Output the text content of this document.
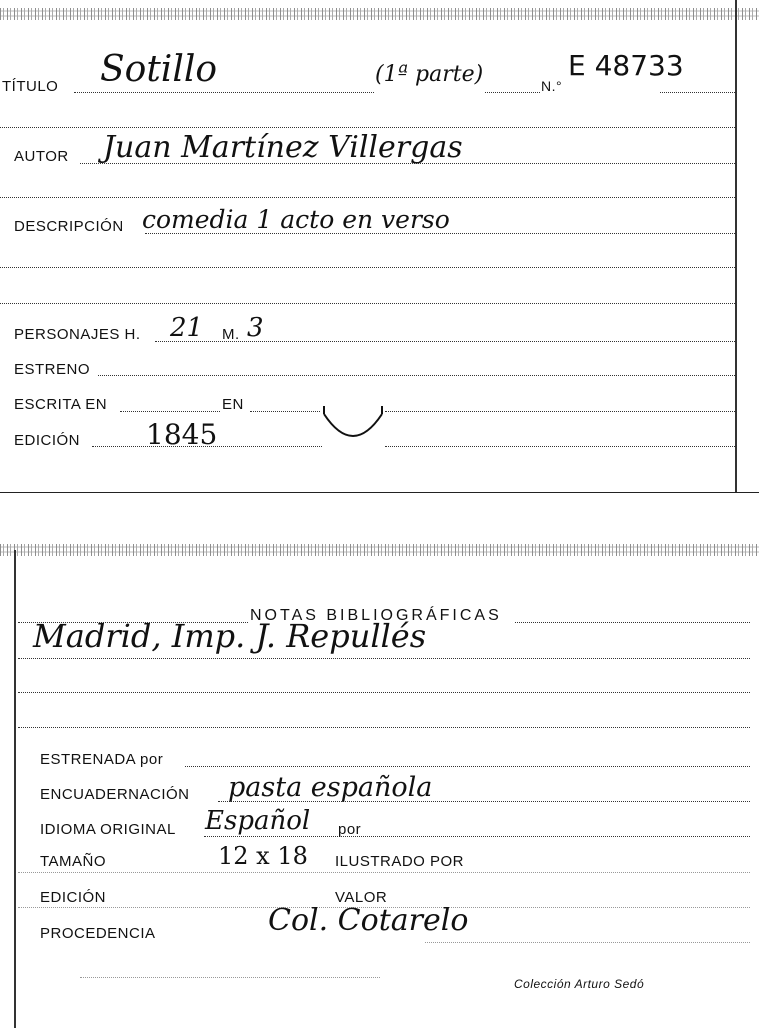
TÍTULO Sotillo	(1ª parte)	N.°
E 48733
AUTOR Juan Martínez Villergas
DESCRIPCIÓN comedia 1 acto en verso
PERSONAJES H. 21 M. 3
ESTRENO
ESCRITA EN	EN
EDICIÓN 1845
NOTAS BIBLIOGRÁFICAS
Madrid, Imp. J. Repullés
ESTRENADA por
ENCUADERNACIÓN pasta española
IDIOMA ORIGINAL Español por
TAMAÑO	12 x 18 ILUSTRADO POR
EDICIÓN	VALOR
PROCEDENCIA	Col. Cotarelo
Colección Arturo Sedó
